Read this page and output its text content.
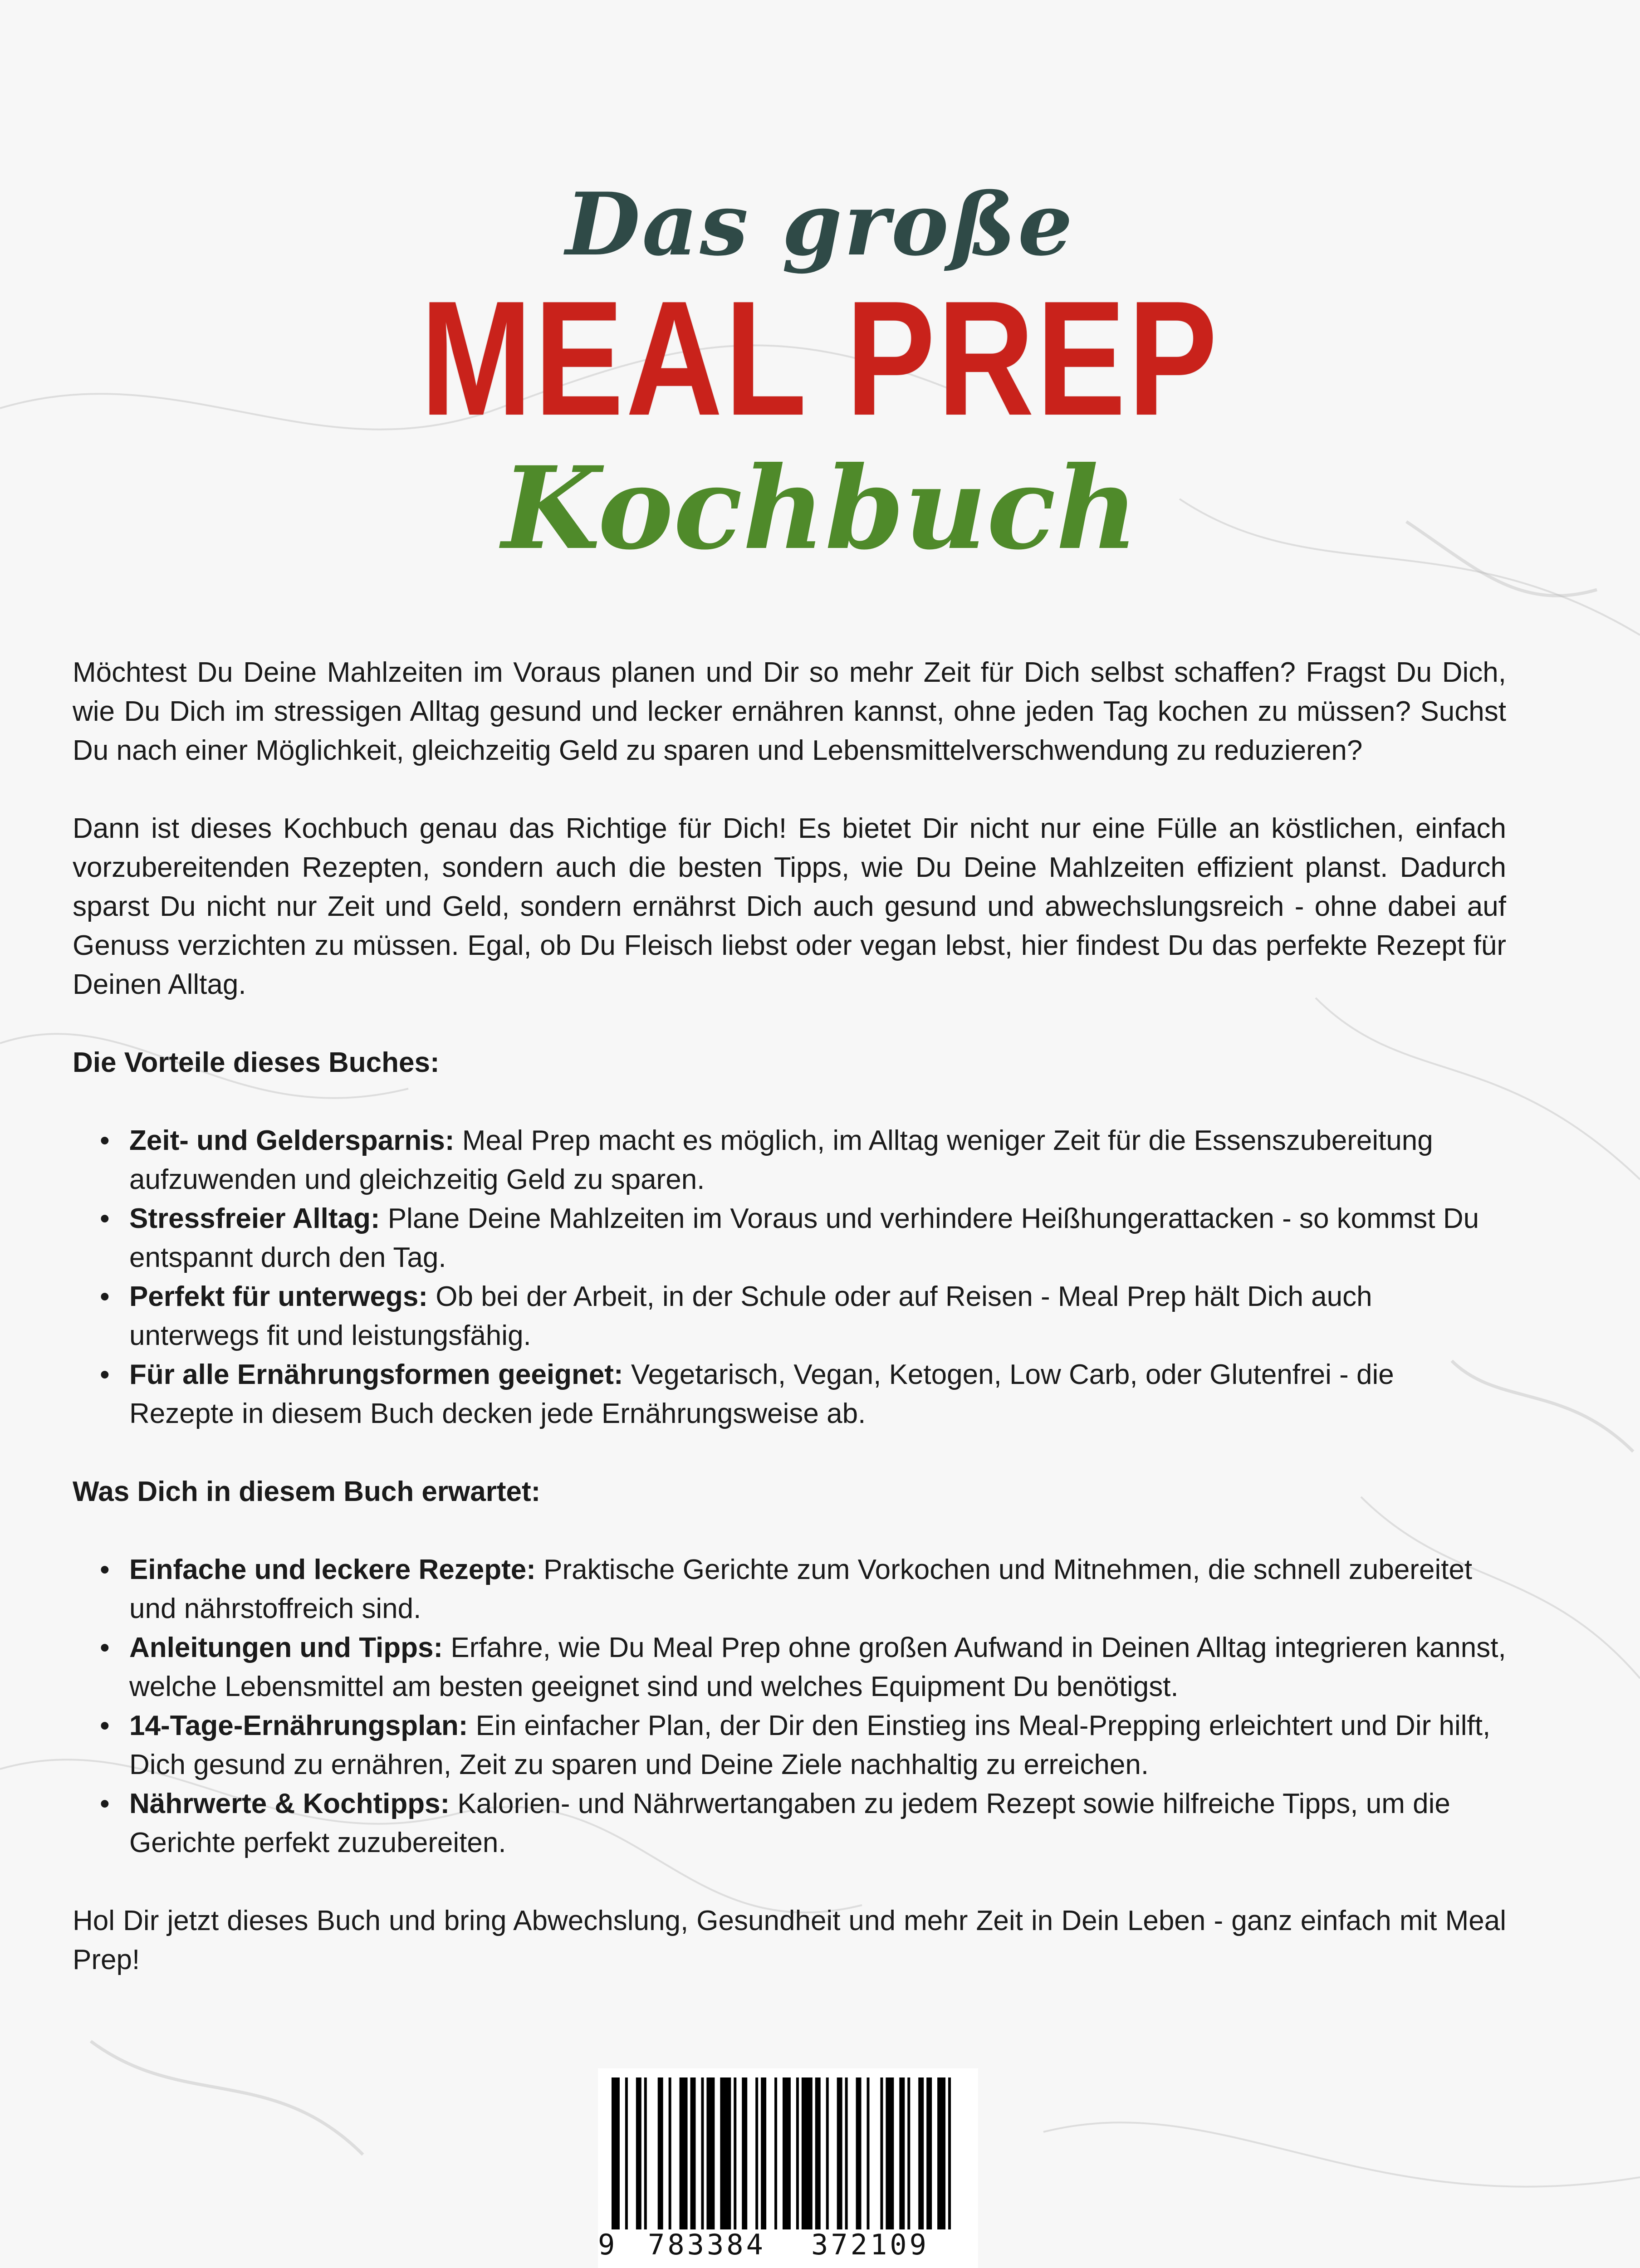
Das große
MEAL PREP
Kochbuch

Möchtest Du Deine Mahlzeiten im Voraus planen und Dir so mehr Zeit für Dich selbst schaffen? Fragst Du Dich, wie Du Dich im stressigen Alltag gesund und lecker ernähren kannst, ohne jeden Tag kochen zu müssen? Suchst Du nach einer Möglichkeit, gleichzeitig Geld zu sparen und Lebensmittelverschwendung zu reduzieren?

Dann ist dieses Kochbuch genau das Richtige für Dich! Es bietet Dir nicht nur eine Fülle an köstlichen, einfach vorzubereitenden Rezepten, sondern auch die besten Tipps, wie Du Deine Mahlzeiten effizient planst. Dadurch sparst Du nicht nur Zeit und Geld, sondern ernährst Dich auch gesund und abwechslungsreich - ohne dabei auf Genuss verzichten zu müssen. Egal, ob Du Fleisch liebst oder vegan lebst, hier findest Du das perfekte Rezept für Deinen Alltag.

Die Vorteile dieses Buches:

• Zeit- und Geldersparnis: Meal Prep macht es möglich, im Alltag weniger Zeit für die Essenszubereitung aufzuwenden und gleichzeitig Geld zu sparen.
• Stressfreier Alltag: Plane Deine Mahlzeiten im Voraus und verhindere Heißhungerattacken - so kommst Du entspannt durch den Tag.
• Perfekt für unterwegs: Ob bei der Arbeit, in der Schule oder auf Reisen - Meal Prep hält Dich auch unterwegs fit und leistungsfähig.
• Für alle Ernährungsformen geeignet: Vegetarisch, Vegan, Ketogen, Low Carb, oder Glutenfrei - die Rezepte in diesem Buch decken jede Ernährungsweise ab.

Was Dich in diesem Buch erwartet:

• Einfache und leckere Rezepte: Praktische Gerichte zum Vorkochen und Mitnehmen, die schnell zubereitet und nährstoffreich sind.
• Anleitungen und Tipps: Erfahre, wie Du Meal Prep ohne großen Aufwand in Deinen Alltag integrieren kannst, welche Lebensmittel am besten geeignet sind und welches Equipment Du benötigst.
• 14-Tage-Ernährungsplan: Ein einfacher Plan, der Dir den Einstieg ins Meal-Prepping erleichtert und Dir hilft, Dich gesund zu ernähren, Zeit zu sparen und Deine Ziele nachhaltig zu erreichen.
• Nährwerte & Kochtipps: Kalorien- und Nährwertangaben zu jedem Rezept sowie hilfreiche Tipps, um die Gerichte perfekt zuzubereiten.

Hol Dir jetzt dieses Buch und bring Abwechslung, Gesundheit und mehr Zeit in Dein Leben - ganz einfach mit Meal Prep!

9 783384 372109
